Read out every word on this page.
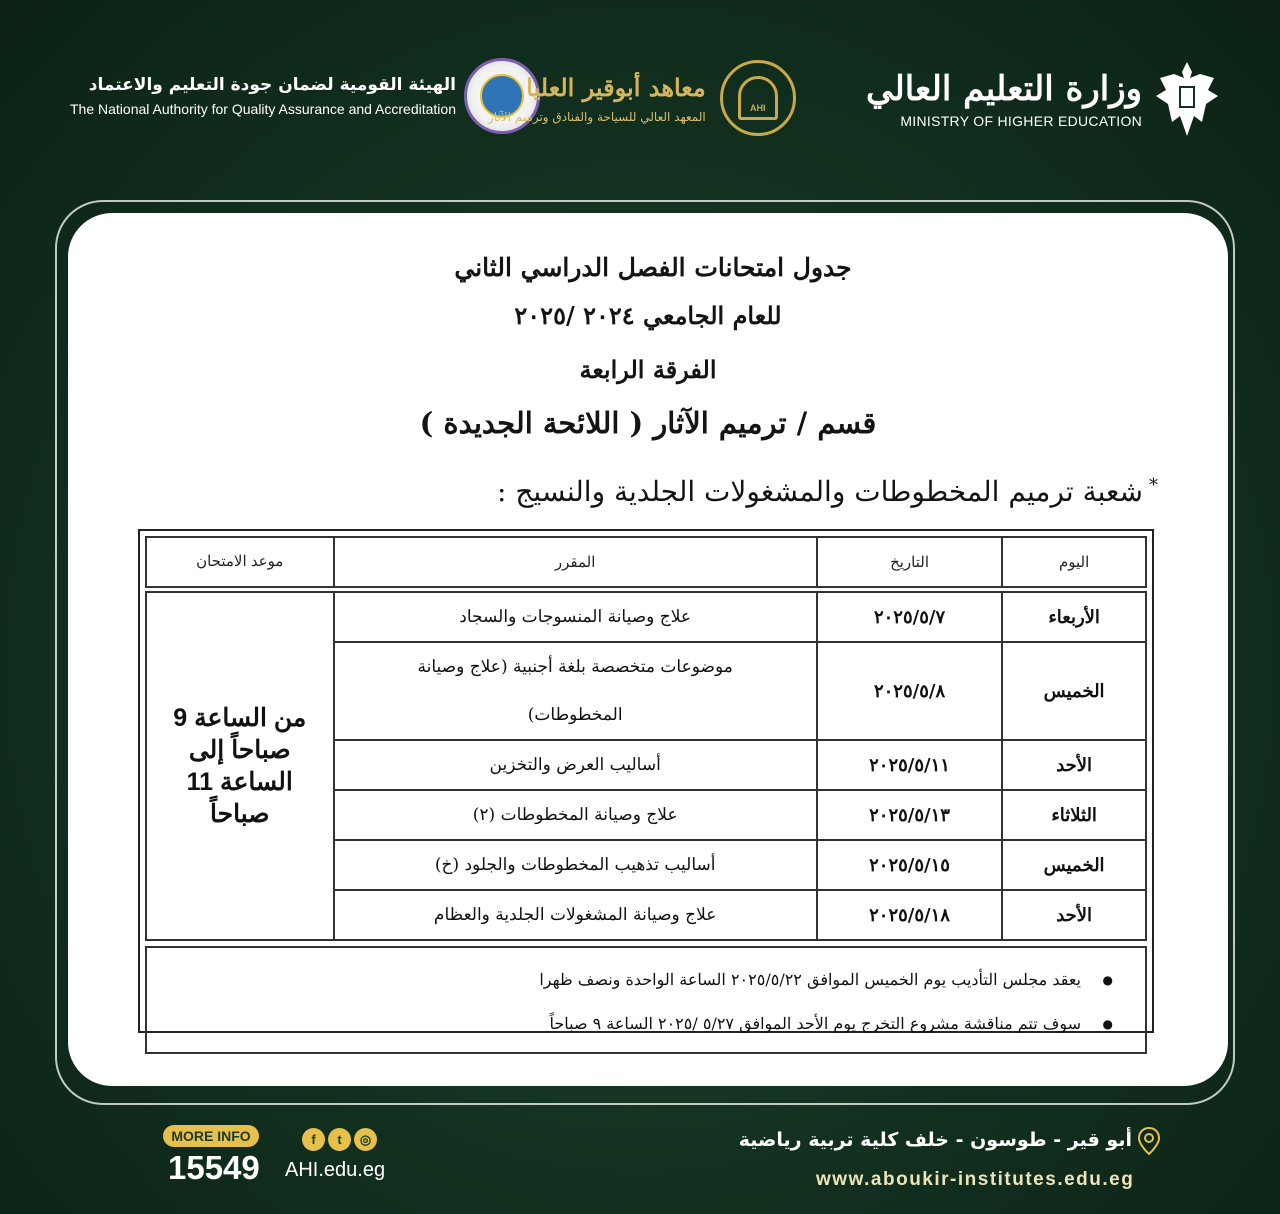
الهيئة القومية لضمان جودة التعليم والاعتماد
The National Authority for Quality Assurance and Accreditation
معاهد أبوقير العليا
المعهد العالي للسياحة والفنادق وترميم الآثار
AHI	وزارة التعليم العالي
MINISTRY OF HIGHER EDUCATION
جدول امتحانات الفصل الدراسي الثاني
للعام الجامعي ٢٠٢٤ /٢٠٢٥
الفرقة الرابعة
قسم / ترميم الآثار ( اللائحة الجديدة )
*شعبة ترميم المخطوطات والمشغولات الجلدية والنسيج :
اليوم	التاريخ	المقرر	موعد الامتحان

الأربعاء	٢٠٢٥/٥/٧	علاج وصيانة المنسوجات والسجاد	من الساعة 9 صباحاً إلى الساعة 11 صباحاً
الخميس	٢٠٢٥/٥/٨	موضوعات متخصصة بلغة أجنبية (علاج وصيانة المخطوطات)	
الأحد	٢٠٢٥/٥/١١	أساليب العرض والتخزين	
الثلاثاء	٢٠٢٥/٥/١٣	علاج وصيانة المخطوطات (٢)	
الخميس	٢٠٢٥/٥/١٥	أساليب تذهيب المخطوطات والجلود (خ)	
الأحد	٢٠٢٥/٥/١٨	علاج وصيانة المشغولات الجلدية والعظام	
● يعقد مجلس التأديب يوم الخميس الموافق ٢٠٢٥/٥/٢٢ الساعة الواحدة ونصف ظهرا
● سوف تتم مناقشة مشروع التخرج يوم الأحد الموافق ٥/٢٧ /٢٠٢٥ الساعة ٩ صباحاً
MORE INFO
15549
f	t	◎
AHI.edu.eg
أبو قير - طوسون - خلف كلية تربية رياضية
www.aboukir-institutes.edu.eg
